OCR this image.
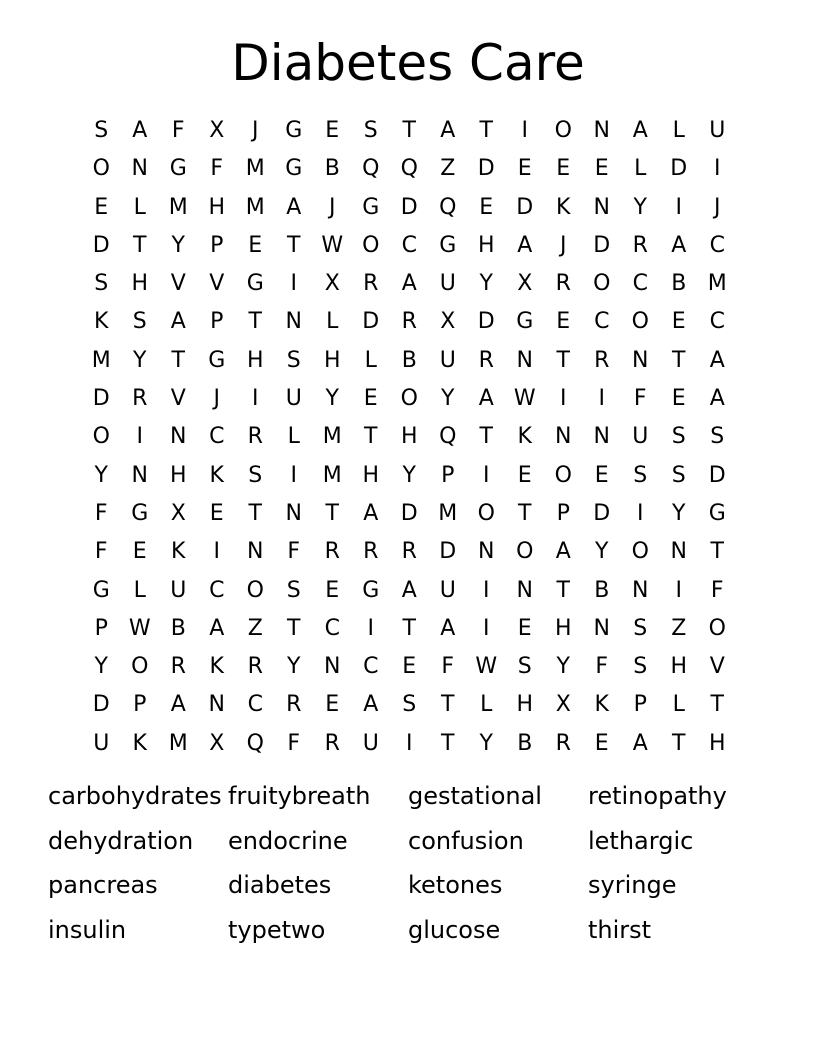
Diabetes Care
S	A	F	X	J	G	E	S	T	A	T	I	O N	A	L	U
O N G	F	M G	B	Q Q	Z	D	E	E	E	L	D	I
E	L	M H M A	J	G D Q	E	D	K	N	Y	I	J
D	T	Y	P	E	T W O	C	G H	A	J	D	R	A	C
S	H	V	V	G	I	X	R	A	U	Y	X	R	O	C	B M
K	S	A	P	T	N	L	D	R	X	D G	E	C	O	E	C
M	Y	T	G H	S	H	L	B	U	R	N	T	R	N	T	A
D	R	V	J	I	U	Y	E	O	Y	A W	I	I	F	E	A
O	I	N	C	R	L	M	T	H Q	T	K	N	N	U	S	S
Y	N H	K	S	I	M H	Y	P	I	E	O	E	S	S	D
F	G	X	E	T	N	T	A	D M O	T	P	D	I	Y	G
F	E	K	I	N	F	R	R	R	D N O	A	Y	O N	T
G	L	U	C	O	S	E	G	A	U	I	N	T	B	N	I	F
P W B	A	Z	T	C	I	T	A	I	E	H	N	S	Z	O
Y	O	R	K	R	Y	N	C	E	F W S	Y	F	S	H	V
D	P	A	N	C	R	E	A	S	T	L	H	X	K	P	L	T
U	K M X	Q	F	R	U	I	T	Y	B	R	E	A	T	H
carbohydrates fruitybreath	gestational	retinopathy
dehydration	endocrine	confusion	lethargic
pancreas	diabetes	ketones	syringe
insulin	typetwo	glucose	thirst
